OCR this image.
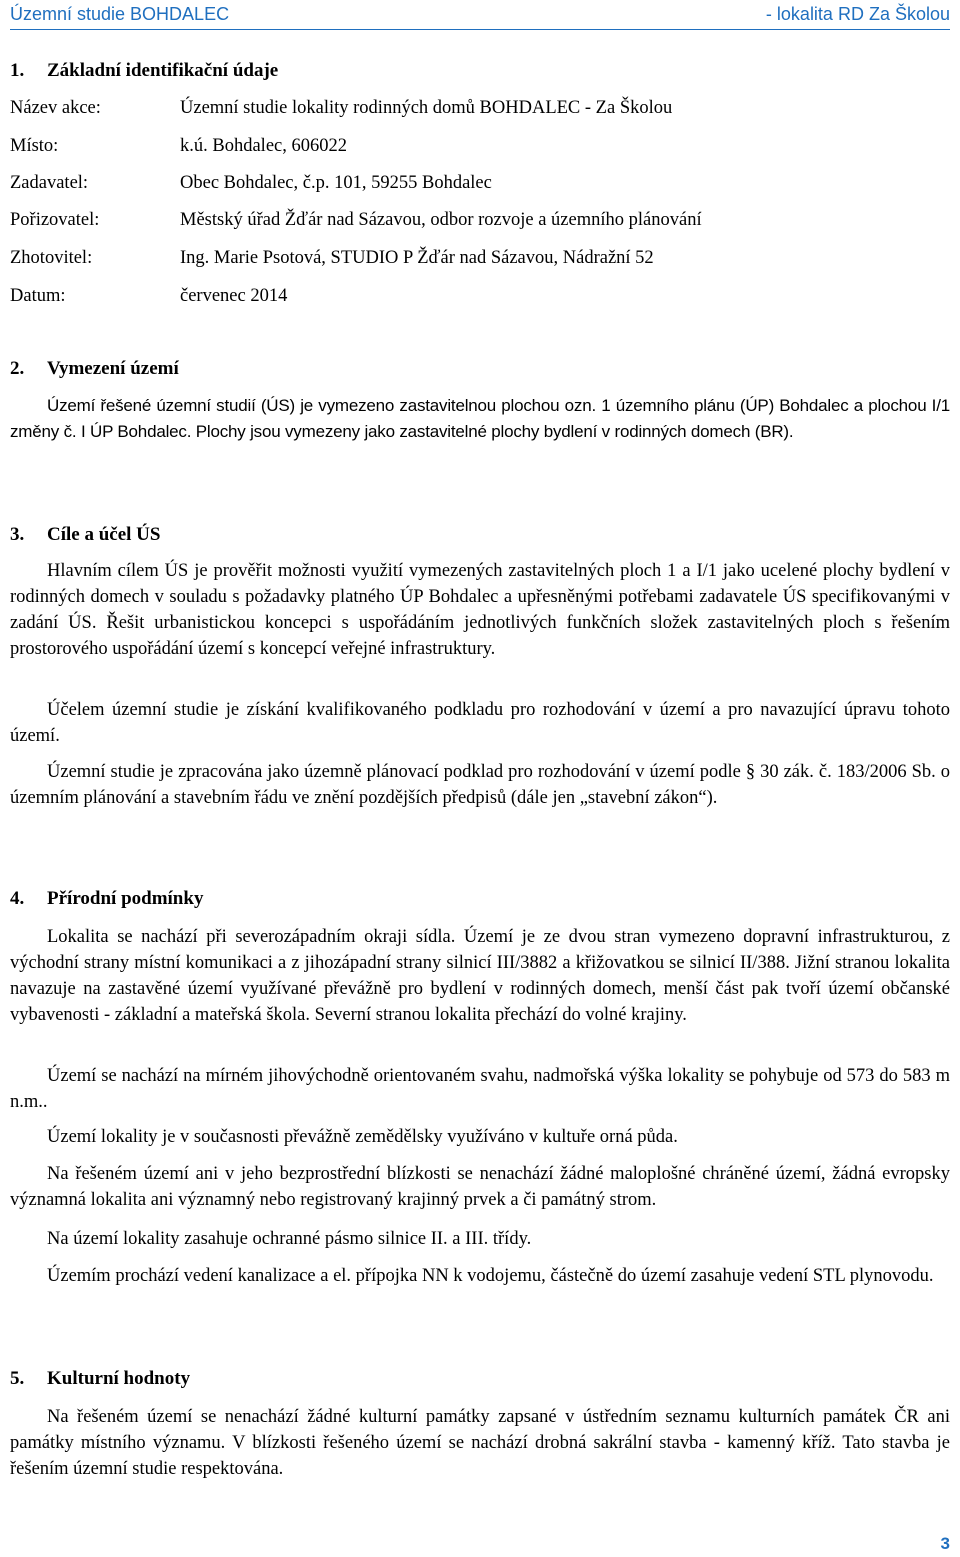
Územní studie BOHDALEC	- lokalita RD Za Školou
1. Základní identifikační údaje
Název akce:	Územní studie lokality rodinných domů BOHDALEC - Za Školou
Místo:	k.ú. Bohdalec, 606022
Zadavatel:	Obec Bohdalec, č.p. 101, 59255 Bohdalec
Pořizovatel:	Městský úřad Žďár nad Sázavou, odbor rozvoje a územního plánování
Zhotovitel:	Ing. Marie Psotová, STUDIO P Žďár nad Sázavou, Nádražní 52
Datum:	červenec 2014
2. Vymezení území
Území řešené územní studií (ÚS) je vymezeno zastavitelnou plochou ozn. 1 územního plánu (ÚP) Bohdalec a plochou I/1 změny č. I ÚP Bohdalec. Plochy jsou vymezeny jako zastavitelné plochy bydlení v rodinných domech (BR).
3. Cíle a účel ÚS
Hlavním cílem ÚS je prověřit možnosti využití vymezených zastavitelných ploch 1 a I/1 jako ucelené plochy bydlení v rodinných domech v souladu s požadavky platného ÚP Bohdalec a upřesněnými potřebami zadavatele ÚS specifikovanými v zadání ÚS. Řešit urbanistickou koncepci s uspořádáním jednotlivých funkčních složek zastavitelných ploch s řešením prostorového uspořádání území s koncepcí veřejné infrastruktury.
Účelem územní studie je získání kvalifikovaného podkladu pro rozhodování v území a pro navazující úpravu tohoto území.
Územní studie je zpracována jako územně plánovací podklad pro rozhodování v území podle § 30 zák. č. 183/2006 Sb. o územním plánování a stavebním řádu ve znění pozdějších předpisů (dále jen „stavební zákon“).
4. Přírodní podmínky
Lokalita se nachází při severozápadním okraji sídla. Území je ze dvou stran vymezeno dopravní infrastrukturou, z východní strany místní komunikaci a z jihozápadní strany silnicí III/3882 a křižovatkou se silnicí II/388. Jižní stranou lokalita navazuje na zastavěné území využívané převážně pro bydlení v rodinných domech, menší část pak tvoří území občanské vybavenosti - základní a mateřská škola. Severní stranou lokalita přechází do volné krajiny.
Území se nachází na mírném jihovýchodně orientovaném svahu, nadmořská výška lokality se pohybuje od 573 do 583 m n.m..
Území lokality je v současnosti převážně zemědělsky využíváno v kultuře orná půda.
Na řešeném území ani v jeho bezprostřední blízkosti se nenachází žádné maloplošné chráněné území, žádná evropsky významná lokalita ani významný nebo registrovaný krajinný prvek a či památný strom.
Na území lokality zasahuje ochranné pásmo silnice II. a III. třídy.
Územím prochází vedení kanalizace a el. přípojka NN k vodojemu, částečně do území zasahuje vedení STL plynovodu.
5. Kulturní hodnoty
Na řešeném území se nenachází žádné kulturní památky zapsané v ústředním seznamu kulturních památek ČR ani památky místního významu. V blízkosti řešeného území se nachází drobná sakrální stavba - kamenný kříž. Tato stavba je řešením územní studie respektována.
3
